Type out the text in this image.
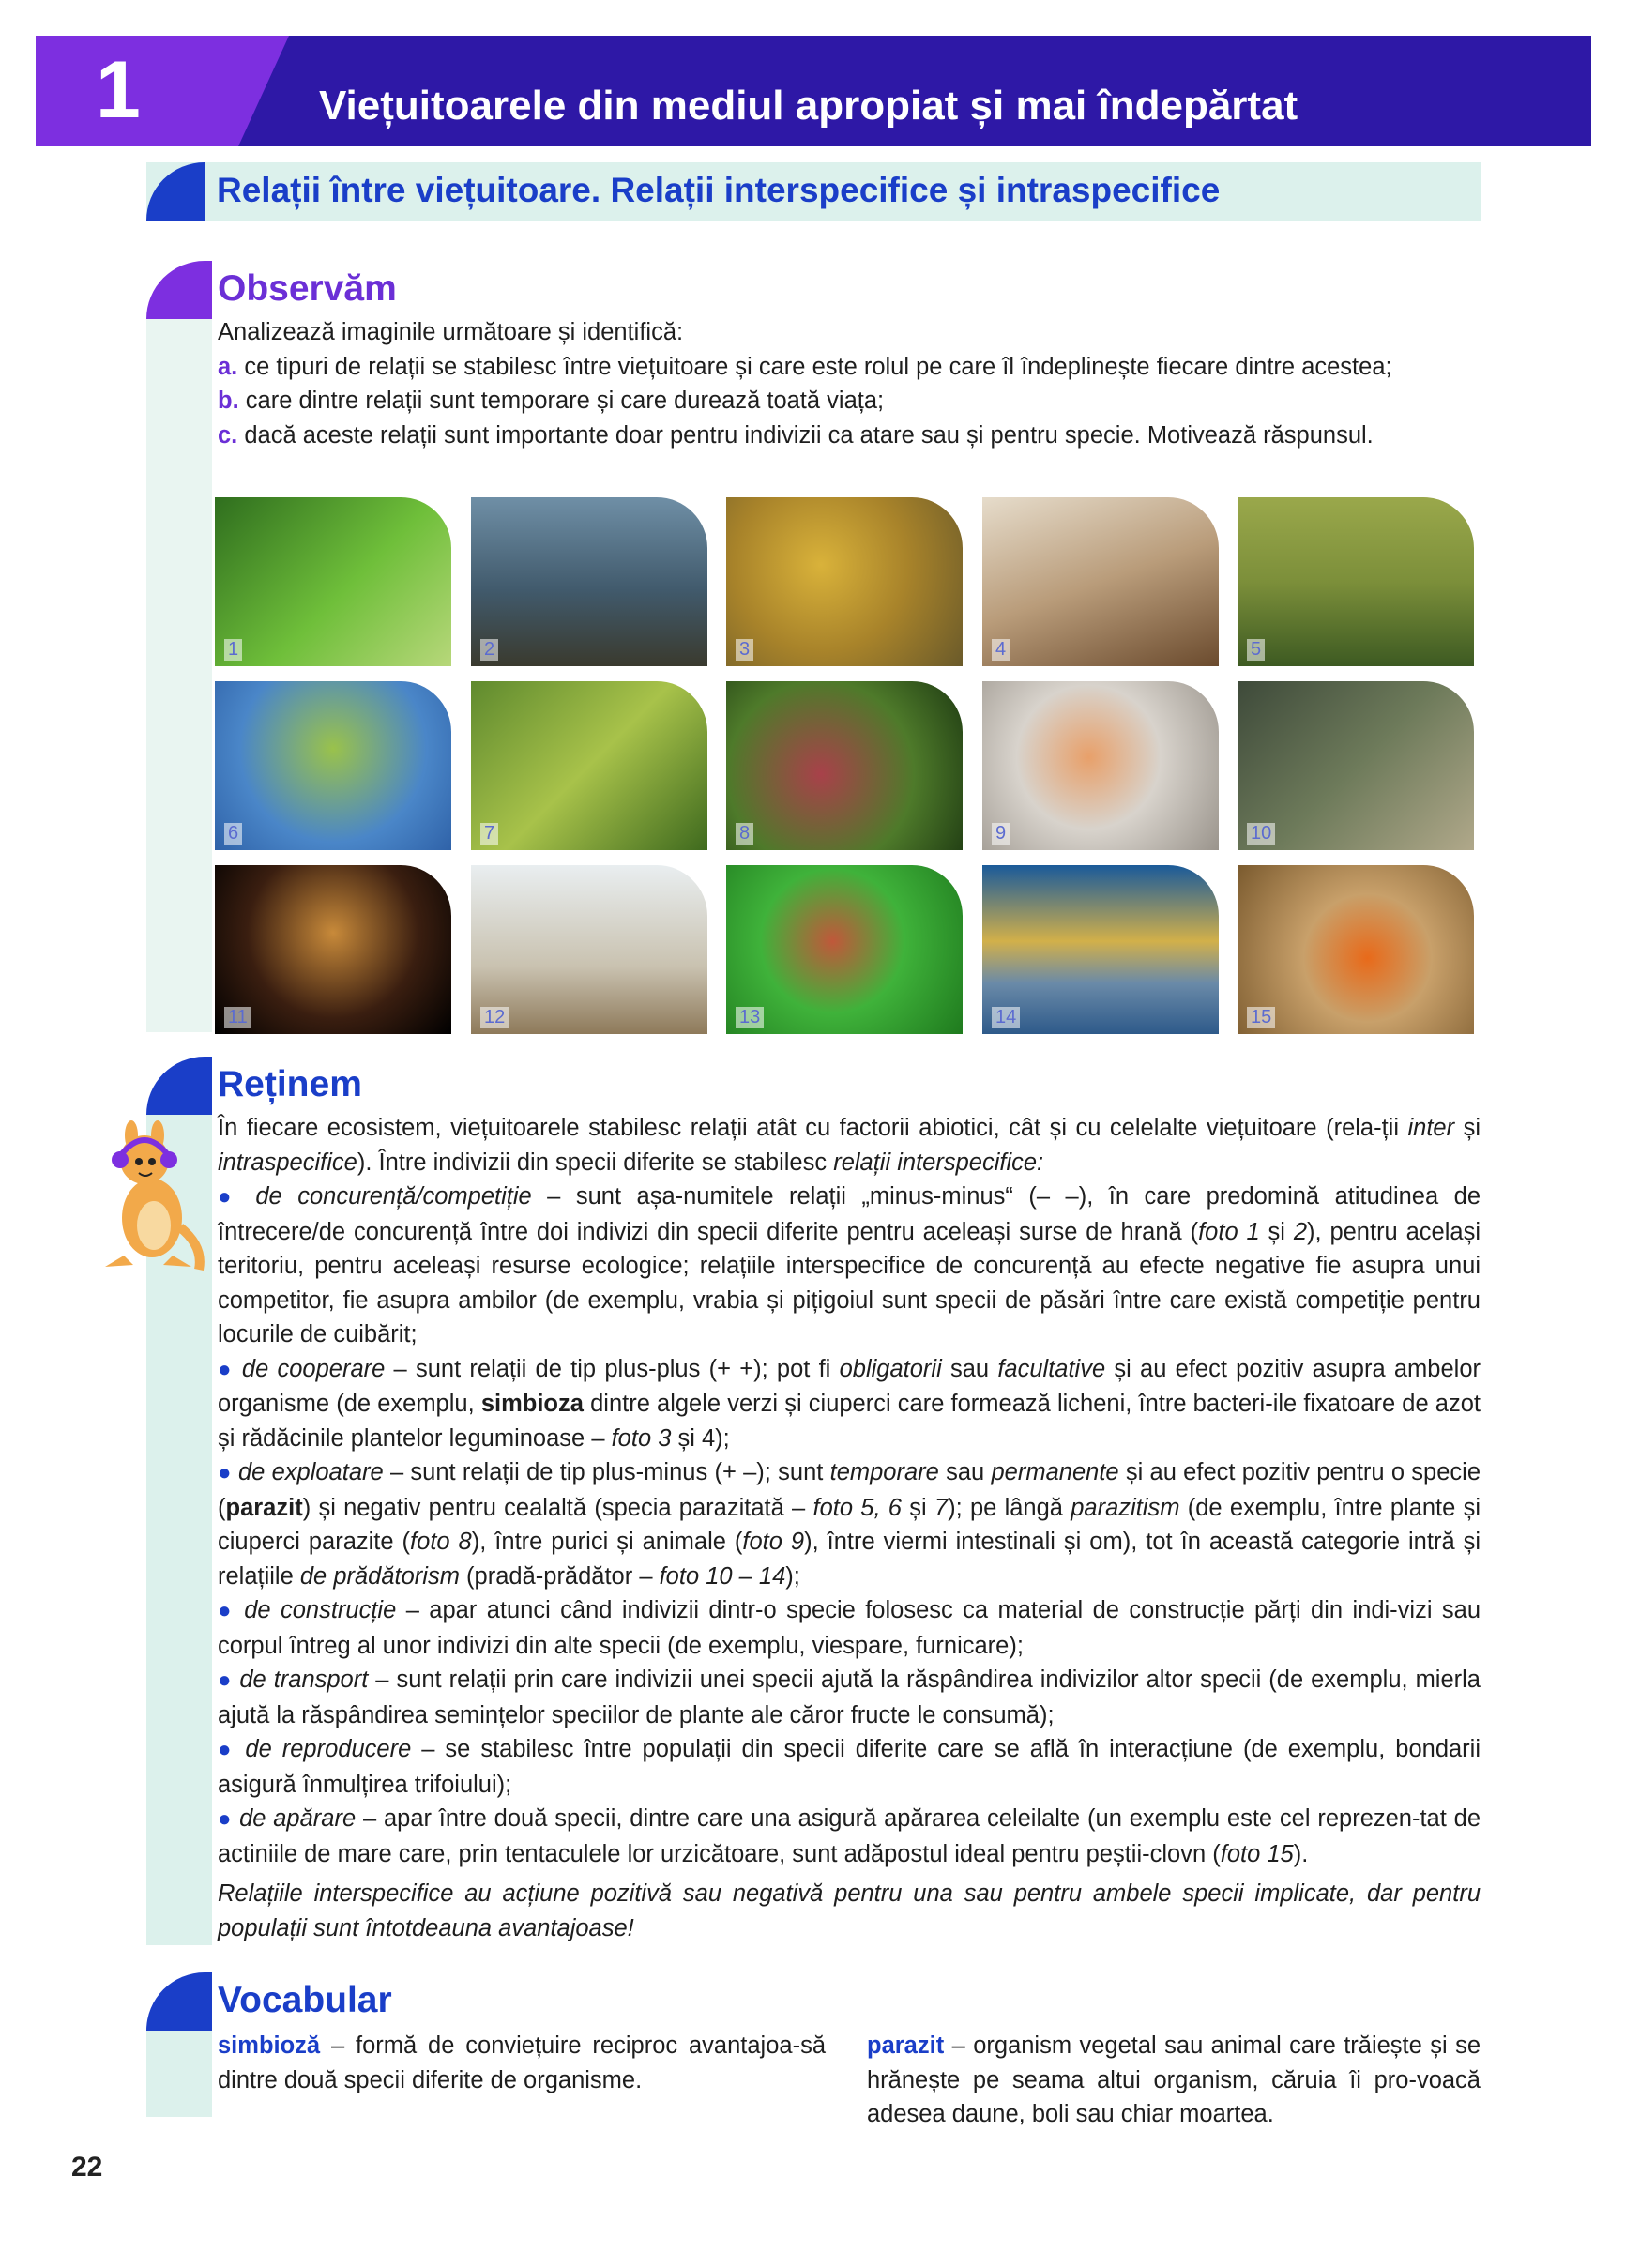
1	Viețuitoarele din mediul apropiat și mai îndepărtat
Relații între viețuitoare. Relații interspecifice și intraspecifice
Observăm

Analizează imaginile următoare și identifică:

a. ce tipuri de relații se stabilesc între viețuitoare și care este rolul pe care îl îndeplinește fiecare dintre acestea;

b. care dintre relații sunt temporare și care durează toată viața;

c. dacă aceste relații sunt importante doar pentru indivizii ca atare sau și pentru specie. Motivează răspunsul.

1	2	3	4	5
6	7	8	9	10
11	12	13	14	15
Reținem

În fiecare ecosistem, viețuitoarele stabilesc relații atât cu factorii abiotici, cât și cu celelalte viețuitoare (rela-ții inter și intraspecifice). Între indivizii din specii diferite se stabilesc relații interspecifice:

● de concurență/competiție – sunt așa-numitele relații „minus-minus“ (– –), în care predomină atitudinea de întrecere/de concurență între doi indivizi din specii diferite pentru aceleași surse de hrană (foto 1 și 2), pentru același teritoriu, pentru aceleași resurse ecologice; relațiile interspecifice de concurență au efecte negative fie asupra unui competitor, fie asupra ambilor (de exemplu, vrabia și pițigoiul sunt specii de păsări între care există competiție pentru locurile de cuibărit;

● de cooperare – sunt relații de tip plus-plus (+ +); pot fi obligatorii sau facultative și au efect pozitiv asupra ambelor organisme (de exemplu, simbioza dintre algele verzi și ciuperci care formează licheni, între bacteri-ile fixatoare de azot și rădăcinile plantelor leguminoase – foto 3 și 4);

● de exploatare – sunt relații de tip plus-minus (+ –); sunt temporare sau permanente și au efect pozitiv pentru o specie (parazit) și negativ pentru cealaltă (specia parazitată – foto 5, 6 și 7); pe lângă parazitism (de exemplu, între plante și ciuperci parazite (foto 8), între purici și animale (foto 9), între viermi intestinali și om), tot în această categorie intră și relațiile de prădătorism (pradă-prădător – foto 10 – 14);

● de construcție – apar atunci când indivizii dintr-o specie folosesc ca material de construcție părți din indi-vizi sau corpul întreg al unor indivizi din alte specii (de exemplu, viespare, furnicare);

● de transport – sunt relații prin care indivizii unei specii ajută la răspândirea indivizilor altor specii (de exemplu, mierla ajută la răspândirea semințelor speciilor de plante ale căror fructe le consumă);

● de reproducere – se stabilesc între populații din specii diferite care se află în interacțiune (de exemplu, bondarii asigură înmulțirea trifoiului);

● de apărare – apar între două specii, dintre care una asigură apărarea celeilalte (un exemplu este cel reprezen-tat de actiniile de mare care, prin tentaculele lor urzicătoare, sunt adăpostul ideal pentru peștii-clovn (foto 15).

Relațiile interspecifice au acțiune pozitivă sau negativă pentru una sau pentru ambele specii implicate, dar pentru populații sunt întotdeauna avantajoase!

Vocabular
simbioză – formă de conviețuire reciproc avantajoa-să dintre două specii diferite de organisme.
parazit – organism vegetal sau animal care trăiește și se hrănește pe seama altui organism, căruia îi pro-voacă adesea daune, boli sau chiar moartea.
22
